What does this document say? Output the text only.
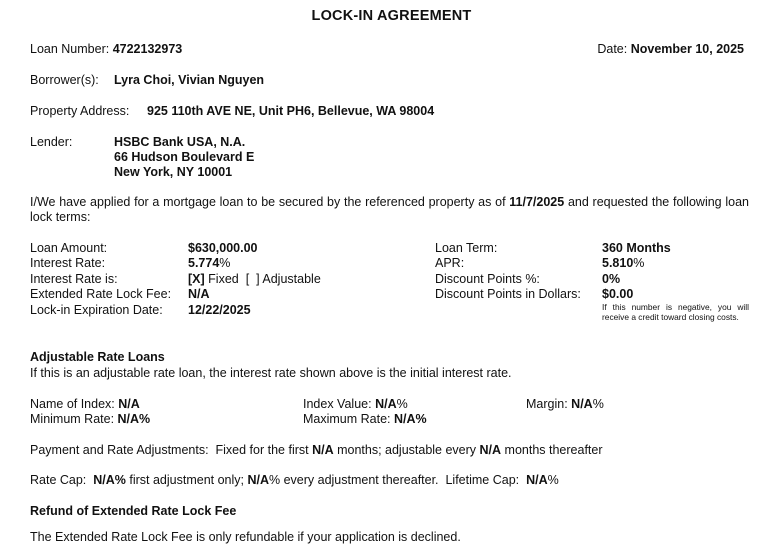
LOCK-IN AGREEMENT
Loan Number: 4722132973	Date: November 10, 2025
Borrower(s): Lyra Choi, Vivian Nguyen
Property Address: 925 110th AVE NE, Unit PH6, Bellevue, WA 98004
Lender:	HSBC Bank USA, N.A.
66 Hudson Boulevard E
New York, NY 10001
I/We have applied for a mortgage loan to be secured by the referenced property as of 11/7/2025 and requested the following loan lock terms:
Loan Amount:	$630,000.00
Interest Rate:	5.774%
Interest Rate is:	[X] Fixed [  ] Adjustable
Extended Rate Lock Fee: N/A
Lock-in Expiration Date: 12/22/2025
Loan Term:	360 Months
APR:	5.810%
Discount Points %:	0%
Discount Points in Dollars: $0.00
If this number is negative, you will receive a credit toward closing costs.
Adjustable Rate Loans
If this is an adjustable rate loan, the interest rate shown above is the initial interest rate.
Name of Index: N/A	Index Value: N/A%	Margin: N/A%
Minimum Rate: N/A%	Maximum Rate: N/A%
Payment and Rate Adjustments:  Fixed for the first N/A months; adjustable every N/A months thereafter
Rate Cap:  N/A% first adjustment only; N/A% every adjustment thereafter.  Lifetime Cap:  N/A%
Refund of Extended Rate Lock Fee
The Extended Rate Lock Fee is only refundable if your application is declined.
